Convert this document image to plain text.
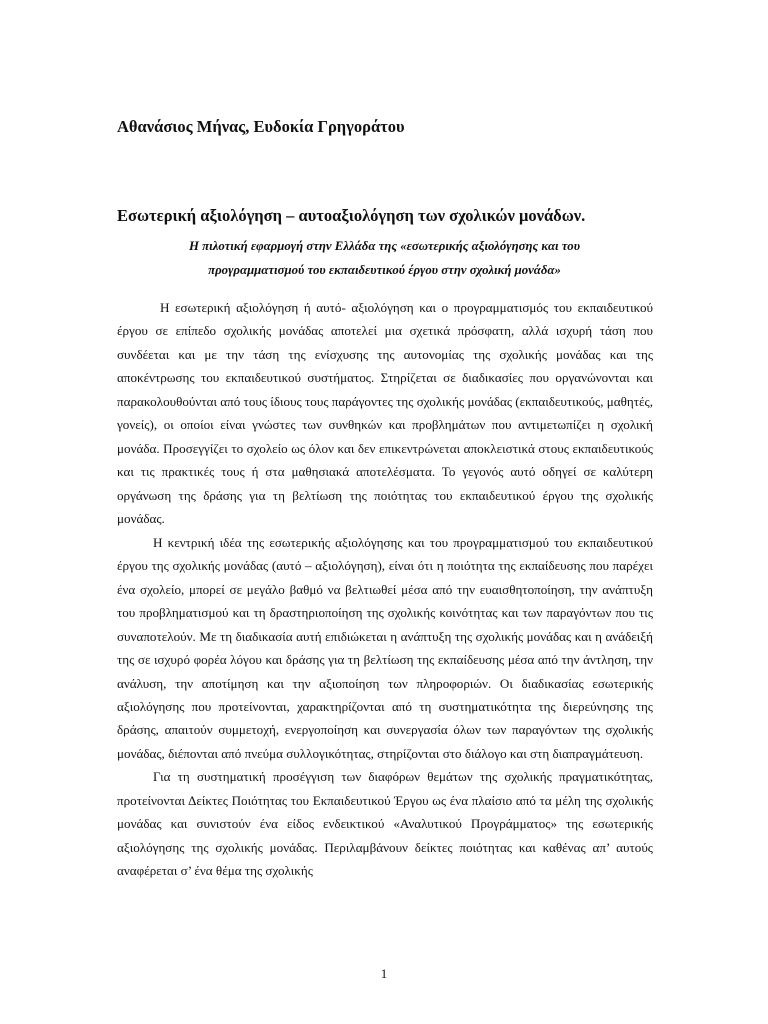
Αθανάσιος Μήνας, Ευδοκία Γρηγοράτου
Εσωτερική αξιολόγηση – αυτοαξιολόγηση των σχολικών μονάδων.
Η πιλοτική εφαρμογή στην Ελλάδα της «εσωτερικής αξιολόγησης και του
προγραμματισμού του εκπαιδευτικού έργου στην σχολική μονάδα»

Η εσωτερική αξιολόγηση ή αυτό- αξιολόγηση και ο προγραμματισμός του εκπαιδευτικού έργου σε επίπεδο σχολικής μονάδας αποτελεί μια σχετικά πρόσφατη, αλλά ισχυρή τάση που συνδέεται και με την τάση της ενίσχυσης της αυτονομίας της σχολικής μονάδας και της αποκέντρωσης του εκπαιδευτικού συστήματος. Στηρίζεται σε διαδικασίες που οργανώνονται και παρακολουθούνται από τους ίδιους τους παράγοντες της σχολικής μονάδας (εκπαιδευτικούς, μαθητές, γονείς), οι οποίοι είναι γνώστες των συνθηκών και προβλημάτων που αντιμετωπίζει η σχολική μονάδα. Προσεγγίζει το σχολείο ως όλον και δεν επικεντρώνεται αποκλειστικά στους εκπαιδευτικούς και τις πρακτικές τους ή στα μαθησιακά αποτελέσματα. Το γεγονός αυτό οδηγεί σε καλύτερη οργάνωση της δράσης για τη βελτίωση της ποιότητας του εκπαιδευτικού έργου της σχολικής μονάδας.

Η κεντρική ιδέα της εσωτερικής αξιολόγησης και του προγραμματισμού του εκπαιδευτικού έργου της σχολικής μονάδας (αυτό – αξιολόγηση), είναι ότι η ποιότητα της εκπαίδευσης που παρέχει ένα σχολείο, μπορεί σε μεγάλο βαθμό να βελτιωθεί μέσα από την ευαισθητοποίηση, την ανάπτυξη του προβληματισμού και τη δραστηριοποίηση της σχολικής κοινότητας και των παραγόντων που τις συναποτελούν. Με τη διαδικασία αυτή επιδιώκεται η ανάπτυξη της σχολικής μονάδας και η ανάδειξή της σε ισχυρό φορέα λόγου και δράσης για τη βελτίωση της εκπαίδευσης μέσα από την άντληση, την ανάλυση, την αποτίμηση και την αξιοποίηση των πληροφοριών. Οι διαδικασίας εσωτερικής αξιολόγησης που προτείνονται, χαρακτηρίζονται από τη συστηματικότητα της διερεύνησης της δράσης, απαιτούν συμμετοχή, ενεργοποίηση και συνεργασία όλων των παραγόντων της σχολικής μονάδας, διέπονται από πνεύμα συλλογικότητας, στηρίζονται στο διάλογο και στη διαπραγμάτευση.

Για τη συστηματική προσέγγιση των διαφόρων θεμάτων της σχολικής πραγματικότητας, προτείνονται Δείκτες Ποιότητας του Εκπαιδευτικού Έργου ως ένα πλαίσιο από τα μέλη της σχολικής μονάδας και συνιστούν ένα είδος ενδεικτικού «Αναλυτικού Προγράμματος» της εσωτερικής αξιολόγησης της σχολικής μονάδας. Περιλαμβάνουν δείκτες ποιότητας και καθένας απ’ αυτούς αναφέρεται σ’ ένα θέμα της σχολικής

1
